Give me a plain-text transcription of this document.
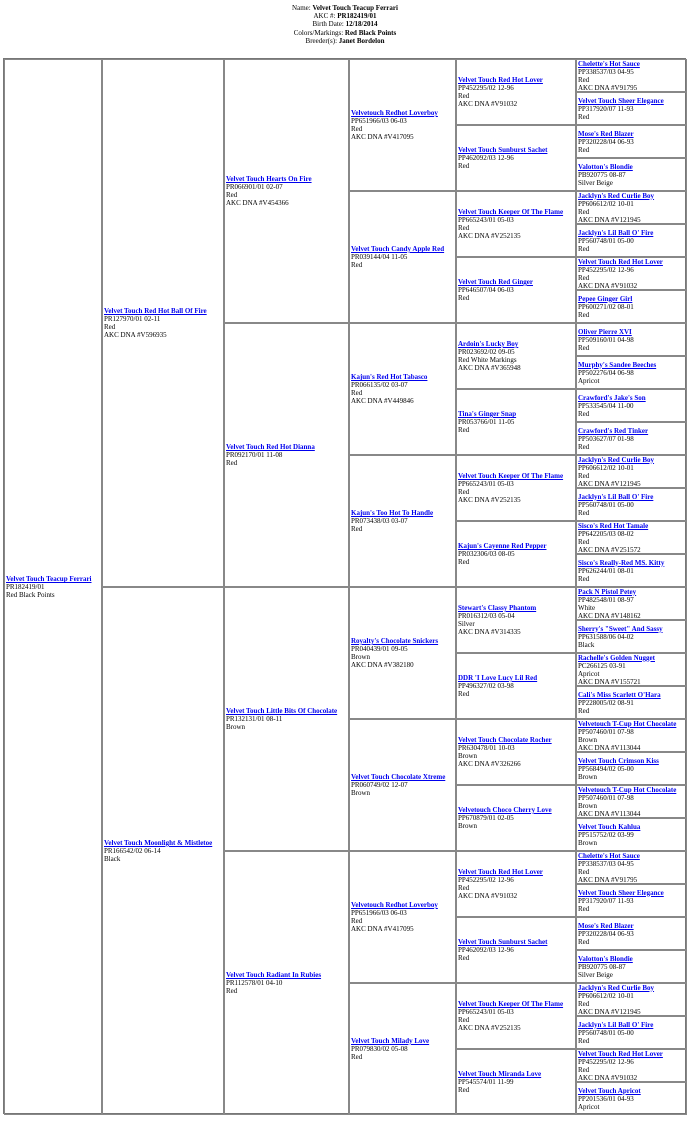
Name: Velvet Touch Teacup Ferrari
AKC #: PR182419/01
Birth Date: 12/18/2014
Colors/Markings: Red Black Points
Breeder(s): Janet Bordelon
Velvet Touch Teacup Ferrari
PR182419/01
Red Black Points
Velvet Touch Red Hot Ball Of Fire
PR127970/01 02-11
Red
AKC DNA #V596935
Velvet Touch Moonlight & Mistletoe
PR166542/02 06-14
Black
Velvet Touch Hearts On Fire
PR066901/01 02-07
Red
AKC DNA #V454366
Velvet Touch Red Hot Dianna
PR092170/01 11-08
Red
Velvet Touch Little Bits Of Chocolate
PR132131/01 08-11
Brown
Velvet Touch Radiant In Rubies
PR112578/01 04-10
Red
Velvetouch Redhot Loverboy
PP651966/03 06-03
Red
AKC DNA #V417095
Velvet Touch Candy Apple Red
PR039144/04 11-05
Red
Kajun's Red Hot Tabasco
PR066135/02 03-07
Red
AKC DNA #V449846
Kajun's Too Hot To Handle
PR073438/03 03-07
Red
Royalty's Chocolate Snickers
PR040439/01 09-05
Brown
AKC DNA #V382180
Velvet Touch Chocolate Xtreme
PR060749/02 12-07
Brown
Velvetouch Redhot Loverboy
PP651966/03 06-03
Red
AKC DNA #V417095
Velvet Touch Milady Love
PR079830/02 05-08
Red
Velvet Touch Red Hot Lover
PP452295/02 12-96
Red
AKC DNA #V91032
Velvet Touch Sunburst Sachet
PP462092/03 12-96
Red
Velvet Touch Keeper Of The Flame
PP665243/01 05-03
Red
AKC DNA #V252135
Velvet Touch Red Ginger
PP646507/04 06-03
Red
Ardoin's Lucky Boy
PR023692/02 09-05
Red White Markings
AKC DNA #V365948
Tina's Ginger Snap
PR053766/01 11-05
Red
Velvet Touch Keeper Of The Flame
PP665243/01 05-03
Red
AKC DNA #V252135
Kajun's Cayenne Red Pepper
PR032306/03 08-05
Red
Stewart's Classy Phantom
PR016312/03 05-04
Silver
AKC DNA #V314335
DDR 'I Love Lucy Lil Red
PP496327/02 03-98
Red
Velvet Touch Chocolate Rocher
PR630478/01 10-03
Brown
AKC DNA #V326266
Velvetouch Choco Cherry Love
PP670879/01 02-05
Brown
Velvet Touch Red Hot Lover
PP452295/02 12-96
Red
AKC DNA #V91032
Velvet Touch Sunburst Sachet
PP462092/03 12-96
Red
Velvet Touch Keeper Of The Flame
PP665243/01 05-03
Red
AKC DNA #V252135
Velvet Touch Miranda Love
PP545574/01 11-99
Red
Chelette's Hot Sauce
PP338537/03 04-95
Red
AKC DNA #V91795
Velvet Touch Sheer Elegance
PP317920/07 11-93
Red
Mose's Red Blazer
PP320228/04 06-93
Red
Valotton's Blondie
PB920775 08-87
Silver Beige
Jacklyn's Red Curlie Boy
PP606612/02 10-01
Red
AKC DNA #V121945
Jacklyn's Lil Ball O' Fire
PP560748/01 05-00
Red
Velvet Touch Red Hot Lover
PP452295/02 12-96
Red
AKC DNA #V91032
Pepee Ginger Girl
PP600271/02 08-01
Red
Oliver Pierre XVI
PP509160/01 04-98
Red
Murphy's Sandee Beeches
PP502276/04 06-98
Apricot
Crawford's Jake's Son
PP533545/04 11-00
Red
Crawford's Red Tinker
PP503627/07 01-98
Red
Jacklyn's Red Curlie Boy
PP606612/02 10-01
Red
AKC DNA #V121945
Jacklyn's Lil Ball O' Fire
PP560748/01 05-00
Red
Sisco's Red Hot Tamale
PP642205/03 08-02
Red
AKC DNA #V251572
Sisco's Really-Red MS. Kitty
PP626244/01 08-01
Red
Pack N Pistol Petey
PP482548/01 08-97
White
AKC DNA #V148162
Sherry's "Sweet" And Sassy
PP631588/06 04-02
Black
Rachelle's Golden Nugget
PC266125 03-91
Apricot
AKC DNA #V155721
Cali's Miss Scarlett O'Hara
PP228005/02 08-91
Red
Velvetouch T-Cup Hot Chocolate
PP507460/01 07-98
Brown
AKC DNA #V113044
Velvet Touch Crimson Kiss
PP568494/02 05-00
Brown
Velvetouch T-Cup Hot Chocolate
PP507460/01 07-98
Brown
AKC DNA #V113044
Velvet Touch Kahlua
PP515752/02 03-99
Brown
Chelette's Hot Sauce
PP338537/03 04-95
Red
AKC DNA #V91795
Velvet Touch Sheer Elegance
PP317920/07 11-93
Red
Mose's Red Blazer
PP320228/04 06-93
Red
Valotton's Blondie
PB920775 08-87
Silver Beige
Jacklyn's Red Curlie Boy
PP606612/02 10-01
Red
AKC DNA #V121945
Jacklyn's Lil Ball O' Fire
PP560748/01 05-00
Red
Velvet Touch Red Hot Lover
PP452295/02 12-96
Red
AKC DNA #V91032
Velvet Touch Apricot
PP201536/01 04-93
Apricot
